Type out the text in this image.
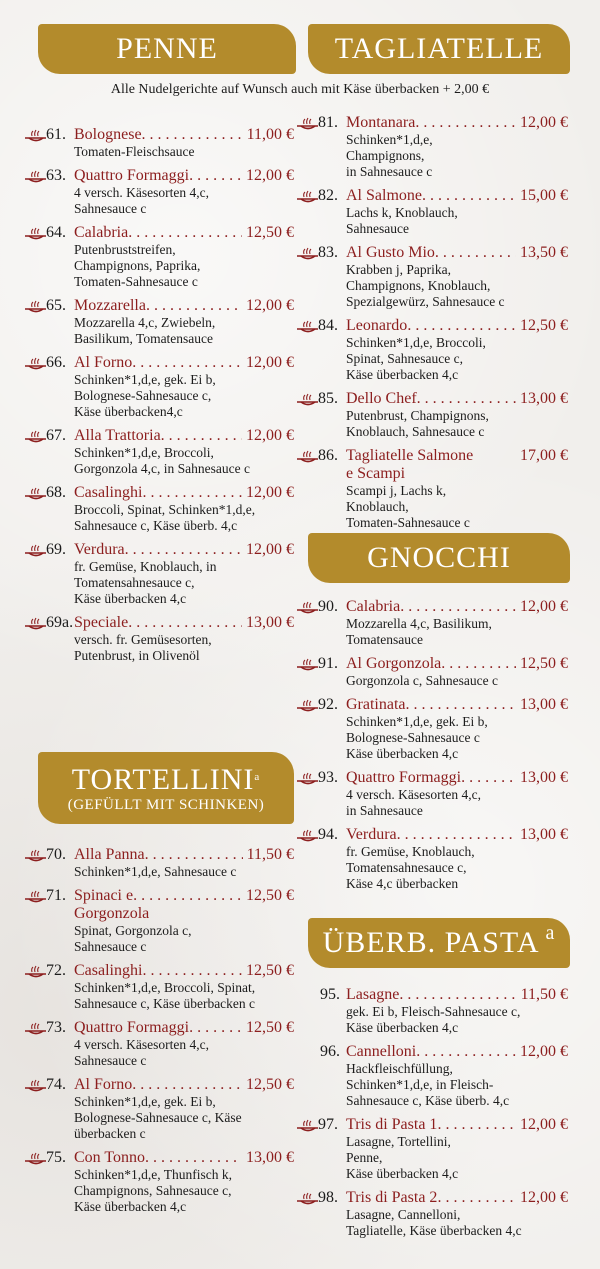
PENNE	TAGLIATELLE
Alle Nudelgerichte auf Wunsch auch mit Käse überbacken + 2,00 €
TORTELLINI a
(GEFÜLLT MIT SCHINKEN)
GNOCCHI
ÜBERB. PASTA a
61. Bolognese . . .	11,00 €
Tomaten-Fleischsauce
63. Quattro Formaggi . . .	12,00 €
4 versch. Käsesorten 4,c,
Sahnesauce c
64. Calabria . . .	12,50 €
Putenbruststreifen,
Champignons, Paprika,
Tomaten-Sahnesauce c
65. Mozzarella . . .	12,00 €
Mozzarella 4,c, Zwiebeln,
Basilikum, Tomatensauce
66. Al Forno . . .	12,00 €
Schinken*1,d,e, gek. Ei b,
Bolognese-Sahnesauce c,
Käse überbacken4,c
67. Alla Trattoria . . .	12,00 €
Schinken*1,d,e, Broccoli,
Gorgonzola 4,c, in Sahnesauce c
68. Casalinghi . . .	12,00 €
Broccoli, Spinat, Schinken*1,d,e,
Sahnesauce c, Käse überb. 4,c
69. Verdura . . .	12,00 €
fr. Gemüse, Knoblauch, in
Tomatensahnesauce c,
Käse überbacken 4,c
69a. Speciale . . .	13,00 €
versch. fr. Gemüsesorten,
Putenbrust, in Olivenöl
70. Alla Panna . . .	11,50 €
Schinken*1,d,e, Sahnesauce c
71. Spinaci e . . .	12,50 €
Gorgonzola
Spinat, Gorgonzola c,
Sahnesauce c
72. Casalinghi . . .	12,50 €
Schinken*1,d,e, Broccoli, Spinat,
Sahnesauce c, Käse überbacken c
73. Quattro Formaggi . . .	12,50 €
4 versch. Käsesorten 4,c,
Sahnesauce c
74. Al Forno . . .	12,50 €
Schinken*1,d,e, gek. Ei b,
Bolognese-Sahnesauce c, Käse
überbacken c
75. Con Tonno . . .	13,00 €
Schinken*1,d,e, Thunfisch k,
Champignons, Sahnesauce c,
Käse überbacken 4,c
81. Montanara . . .	12,00 €
Schinken*1,d,e,
Champignons,
in Sahnesauce c
82. Al Salmone . . .	15,00 €
Lachs k, Knoblauch,
Sahnesauce
83. Al Gusto Mio . . .	13,50 €
Krabben j, Paprika,
Champignons, Knoblauch,
Spezialgewürz, Sahnesauce c
84. Leonardo . . .	12,50 €
Schinken*1,d,e, Broccoli,
Spinat, Sahnesauce c,
Käse überbacken 4,c
85. Dello Chef . . .	13,00 €
Putenbrust, Champignons,
Knoblauch, Sahnesauce c
86. Tagliatelle Salmone	17,00 €
e Scampi
Scampi j, Lachs k,
Knoblauch,
Tomaten-Sahnesauce c
90. Calabria . . .	12,00 €
Mozzarella 4,c, Basilikum,
Tomatensauce
91. Al Gorgonzola . . .	12,50 €
Gorgonzola c, Sahnesauce c
92. Gratinata . . .	13,00 €
Schinken*1,d,e, gek. Ei b,
Bolognese-Sahnesauce c
Käse überbacken 4,c
93. Quattro Formaggi . . .	13,00 €
4 versch. Käsesorten 4,c,
in Sahnesauce
94. Verdura . . .	13,00 €
fr. Gemüse, Knoblauch,
Tomatensahnesauce c,
Käse 4,c überbacken
95. Lasagne . . .	11,50 €
gek. Ei b, Fleisch-Sahnesauce c,
Käse überbacken 4,c
96. Cannelloni . . .	12,00 €
Hackfleischfüllung,
Schinken*1,d,e, in Fleisch-
Sahnesauce c, Käse überb. 4,c
97. Tris di Pasta 1 . . .	12,00 €
Lasagne, Tortellini,
Penne,
Käse überbacken 4,c
98. Tris di Pasta 2 . . .	12,00 €
Lasagne, Cannelloni,
Tagliatelle, Käse überbacken 4,c
